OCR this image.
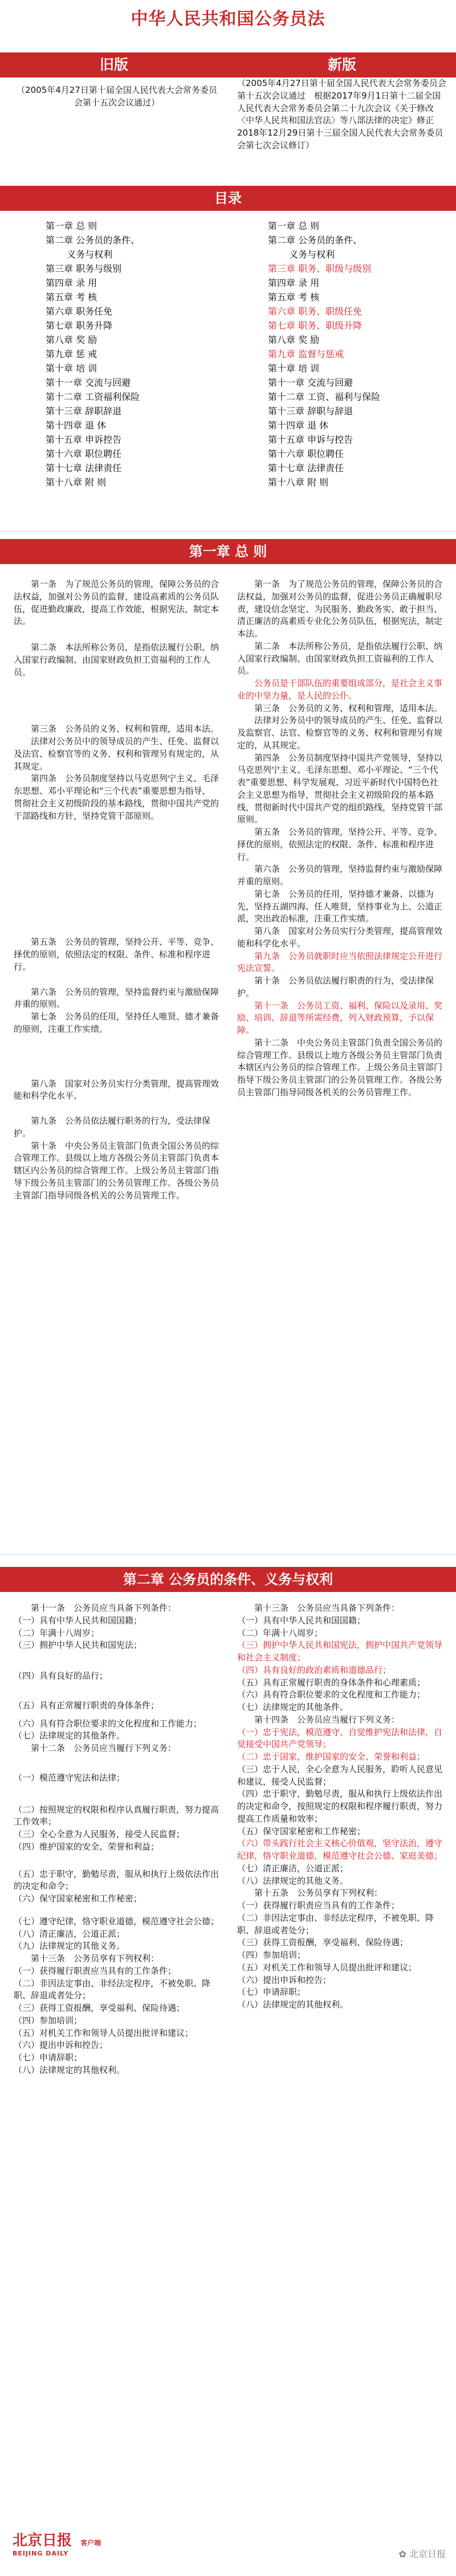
中华人民共和国公务员法
旧版	新版
（2005年4月27日第十届全国人民代表大会常务委员会第十五次会议通过）
（2005年4月27日第十届全国人民代表大会常务委员会第十五次会议通过　根据2017年9月1日第十二届全国人民代表大会常务委员会第二十九次会议《关于修改〈中华人民共和国法官法〉等八部法律的决定》修正　2018年12月29日第十三届全国人民代表大会常务委员会第七次会议修订）
目录
第一章 总 则
第二章 公务员的条件、
　　 义务与权利
第三章 职务与级别
第四章 录 用
第五章 考 核
第六章 职务任免
第七章 职务升降
第八章 奖 励
第九章 惩 戒
第十章 培 训
第十一章 交流与回避
第十二章 工资福利保险
第十三章 辞职辞退
第十四章 退 休
第十五章 申诉控告
第十六章 职位聘任
第十七章 法律责任
第十八章 附 则
第一章 总 则
第二章 公务员的条件、
　　 义务与权利
第三章 职务、职级与级别
第四章 录 用
第五章 考 核
第六章 职务、职级任免
第七章 职务、职级升降
第八章 奖 励
第九章 监督与惩戒
第十章 培 训
第十一章 交流与回避
第十二章 工资、福利与保险
第十三章 辞职与辞退
第十四章 退 休
第十五章 申诉与控告
第十六章 职位聘任
第十七章 法律责任
第十八章 附 则
第一章 总 则

第一条　为了规范公务员的管理，保障公务员的合法权益，加强对公务员的监督，建设高素质的公务员队伍，促进勤政廉政，提高工作效能，根据宪法，制定本法。

第二条　本法所称公务员，是指依法履行公职、纳入国家行政编制、由国家财政负担工资福利的工作人员。

第三条　公务员的义务、权利和管理，适用本法。

法律对公务员中的领导成员的产生、任免、监督以及法官、检察官等的义务、权利和管理另有规定的，从其规定。

第四条　公务员制度坚持以马克思列宁主义、毛泽东思想、邓小平理论和“三个代表”重要思想为指导，贯彻社会主义初级阶段的基本路线，贯彻中国共产党的干部路线和方针，坚持党管干部原则。

第五条　公务员的管理，坚持公开、平等、竞争、择优的原则，依照法定的权限、条件、标准和程序进行。

第六条　公务员的管理，坚持监督约束与激励保障并重的原则。

第七条　公务员的任用，坚持任人唯贤、德才兼备的原则，注重工作实绩。

第八条　国家对公务员实行分类管理，提高管理效能和科学化水平。

第九条　公务员依法履行职务的行为，受法律保护。

第十条　中央公务员主管部门负责全国公务员的综合管理工作。县级以上地方各级公务员主管部门负责本辖区内公务员的综合管理工作。上级公务员主管部门指导下级公务员主管部门的公务员管理工作。各级公务员主管部门指导同级各机关的公务员管理工作。

第一条　为了规范公务员的管理，保障公务员的合法权益，加强对公务员的监督，促进公务员正确履职尽责，建设信念坚定、为民服务、勤政务实、敢于担当、清正廉洁的高素质专业化公务员队伍，根据宪法，制定本法。

第二条　本法所称公务员，是指依法履行公职、纳入国家行政编制、由国家财政负担工资福利的工作人员。

公务员是干部队伍的重要组成部分，是社会主义事业的中坚力量，是人民的公仆。

第三条　公务员的义务、权利和管理，适用本法。

法律对公务员中的领导成员的产生、任免、监督以及监察官、法官、检察官等的义务、权利和管理另有规定的，从其规定。

第四条　公务员制度坚持中国共产党领导，坚持以马克思列宁主义、毛泽东思想、邓小平理论、“三个代表”重要思想、科学发展观、习近平新时代中国特色社会主义思想为指导，贯彻社会主义初级阶段的基本路线，贯彻新时代中国共产党的组织路线，坚持党管干部原则。

第五条　公务员的管理，坚持公开、平等、竞争、择优的原则，依照法定的权限、条件、标准和程序进行。

第六条　公务员的管理，坚持监督约束与激励保障并重的原则。

第七条　公务员的任用，坚持德才兼备、以德为先，坚持五湖四海、任人唯贤，坚持事业为上、公道正派，突出政治标准，注重工作实绩。

第八条　国家对公务员实行分类管理，提高管理效能和科学化水平。

第九条　公务员就职时应当依照法律规定公开进行宪法宣誓。

第十条　公务员依法履行职责的行为，受法律保护。

第十一条　公务员工资、福利、保险以及录用、奖励、培训、辞退等所需经费，列入财政预算，予以保障。

第十二条　中央公务员主管部门负责全国公务员的综合管理工作。县级以上地方各级公务员主管部门负责本辖区内公务员的综合管理工作。上级公务员主管部门指导下级公务员主管部门的公务员管理工作。各级公务员主管部门指导同级各机关的公务员管理工作。

第二章 公务员的条件、义务与权利

第十一条　公务员应当具备下列条件：

（一）具有中华人民共和国国籍；

（二）年满十八周岁；

（三）拥护中华人民共和国宪法；

（四）具有良好的品行；

（五）具有正常履行职责的身体条件；

（六）具有符合职位要求的文化程度和工作能力；

（七）法律规定的其他条件。

第十二条　公务员应当履行下列义务：

（一）模范遵守宪法和法律；

（二）按照规定的权限和程序认真履行职责，努力提高工作效率；

（三）全心全意为人民服务，接受人民监督；

（四）维护国家的安全、荣誉和利益；

（五）忠于职守，勤勉尽责，服从和执行上级依法作出的决定和命令；

（六）保守国家秘密和工作秘密；

（七）遵守纪律，恪守职业道德，模范遵守社会公德；

（八）清正廉洁，公道正派；

（九）法律规定的其他义务。

第十三条　公务员享有下列权利：

（一）获得履行职责应当具有的工作条件；

（二）非因法定事由、非经法定程序，不被免职、降职、辞退或者处分；

（三）获得工资报酬，享受福利、保险待遇；

（四）参加培训；

（五）对机关工作和领导人员提出批评和建议；

（六）提出申诉和控告；

（七）申请辞职；

（八）法律规定的其他权利。

第十三条　公务员应当具备下列条件：

（一）具有中华人民共和国国籍；

（二）年满十八周岁；

（三）拥护中华人民共和国宪法，拥护中国共产党领导和社会主义制度；

（四）具有良好的政治素质和道德品行；

（五）具有正常履行职责的身体条件和心理素质；

（六）具有符合职位要求的文化程度和工作能力；

（七）法律规定的其他条件。

第十四条　公务员应当履行下列义务：

（一）忠于宪法，模范遵守、自觉维护宪法和法律，自觉接受中国共产党领导；

（二）忠于国家，维护国家的安全、荣誉和利益；

（三）忠于人民，全心全意为人民服务，聆听人民意见和建议，接受人民监督；

（四）忠于职守，勤勉尽责，服从和执行上级依法作出的决定和命令，按照规定的权限和程序履行职责，努力提高工作质量和效率；

（五）保守国家秘密和工作秘密；

（六）带头践行社会主义核心价值观，坚守法治，遵守纪律，恪守职业道德，模范遵守社会公德、家庭美德；

（七）清正廉洁，公道正派；

（八）法律规定的其他义务。

第十五条　公务员享有下列权利：

（一）获得履行职责应当具有的工作条件；

（二）非因法定事由、非经法定程序，不被免职、降职、辞退或者处分；

（三）获得工资报酬，享受福利、保险待遇；

（四）参加培训；

（五）对机关工作和领导人员提出批评和建议；

（六）提出申诉和控告；

（七）申请辞职；

（八）法律规定的其他权利。

北京日报 客户端
BEIJING DAILY	✿ 北京日报
